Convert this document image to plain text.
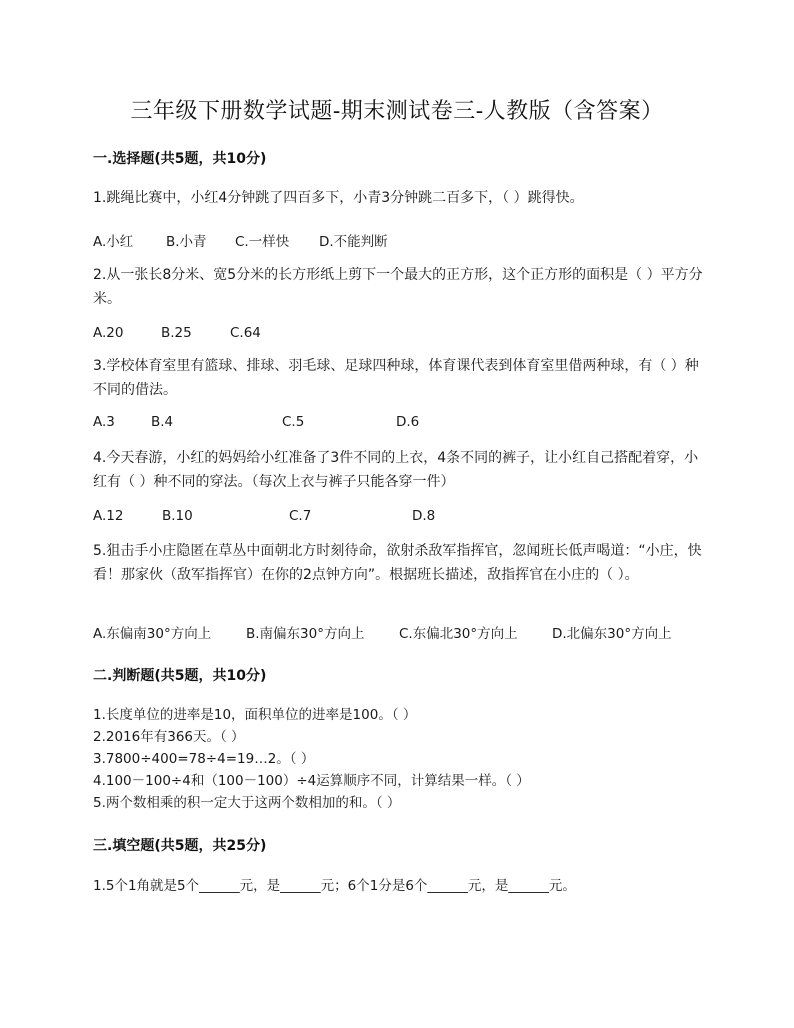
三年级下册数学试题-期末测试卷三-人教版（含答案）
一.选择题(共5题，共10分)
1.跳绳比赛中，小红4分钟跳了四百多下，小青3分钟跳二百多下，（ ）跳得快。
A.小红 B.小青 C.一样快 D.不能判断
2.从一张长8分米、宽5分米的长方形纸上剪下一个最大的正方形，这个正方形的面积是（ ）平方分米。
A.20	B.25	C.64
3.学校体育室里有篮球、排球、羽毛球、足球四种球，体育课代表到体育室里借两种球，有（ ）种不同的借法。
A.3	B.4	C.5	D.6
4.今天春游，小红的妈妈给小红准备了3件不同的上衣，4条不同的裤子，让小红自己搭配着穿，小红有（ ）种不同的穿法。（每次上衣与裤子只能各穿一件）
A.12	B.10	C.7	D.8
5.狙击手小庄隐匿在草丛中面朝北方时刻待命，欲射杀敌军指挥官，忽闻班长低声喝道：“小庄，快看！那家伙（敌军指挥官）在你的2点钟方向”。根据班长描述，敌指挥官在小庄的（ ）。
A.东偏南30°方向上	B.南偏东30°方向上	C.东偏北30°方向上	D.北偏东30°方向上
二.判断题(共5题，共10分)
1.长度单位的进率是10，面积单位的进率是100。（ ）
2.2016年有366天。（ ）
3.7800÷400=78÷4=19…2。（ ）
4.100－100÷4和（100－100）÷4运算顺序不同，计算结果一样。（ ）
5.两个数相乘的积一定大于这两个数相加的和。（ ）
三.填空题(共5题，共25分)
1.5个1角就是5个______元，是______元；6个1分是6个______元，是______元。
